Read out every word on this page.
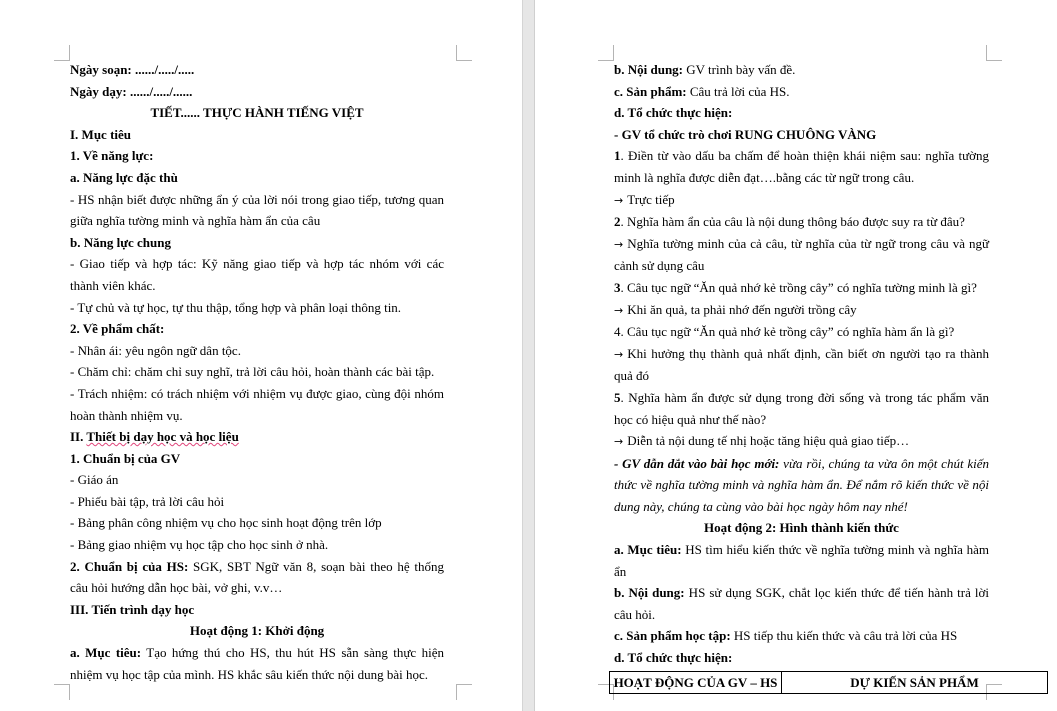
Ngày soạn: ....../...../.....

Ngày dạy: ....../...../......

TIẾT...... THỰC HÀNH TIẾNG VIỆT

I. Mục tiêu

1. Về năng lực:

a. Năng lực đặc thù

- HS nhận biết được những ẩn ý của lời nói trong giao tiếp, tương quan giữa nghĩa tường minh và nghĩa hàm ẩn của câu

b. Năng lực chung

- Giao tiếp và hợp tác: Kỹ năng giao tiếp và hợp tác nhóm với các thành viên khác.

- Tự chủ và tự học, tự thu thập, tổng hợp và phân loại thông tin.

2. Về phẩm chất:

- Nhân ái: yêu ngôn ngữ dân tộc.

- Chăm chỉ: chăm chỉ suy nghĩ, trả lời câu hỏi, hoàn thành các bài tập.

- Trách nhiệm: có trách nhiệm với nhiệm vụ được giao, cùng đội nhóm hoàn thành nhiệm vụ.

II. Thiết bị dạy học và học liệu

1. Chuẩn bị của GV

- Giáo án

- Phiếu bài tập, trả lời câu hỏi

- Bảng phân công nhiệm vụ cho học sinh hoạt động trên lớp

- Bảng giao nhiệm vụ học tập cho học sinh ở nhà.

2. Chuẩn bị của HS: SGK, SBT Ngữ văn 8, soạn bài theo hệ thống câu hỏi hướng dẫn học bài, vở ghi, v.v…

III. Tiến trình dạy học

Hoạt động 1: Khởi động

a. Mục tiêu: Tạo hứng thú cho HS, thu hút HS sẵn sàng thực hiện nhiệm vụ học tập của mình. HS khắc sâu kiến thức nội dung bài học.

b. Nội dung: GV trình bày vấn đề.

c. Sản phẩm: Câu trả lời của HS.

d. Tổ chức thực hiện:

- GV tổ chức trò chơi RUNG CHUÔNG VÀNG

1. Điền từ vào dấu ba chấm để hoàn thiện khái niệm sau: nghĩa tường minh là nghĩa được diễn đạt….bằng các từ ngữ trong câu.

→ Trực tiếp

2. Nghĩa hàm ẩn của câu là nội dung thông báo được suy ra từ đâu?

→ Nghĩa tường minh của cả câu, từ nghĩa của từ ngữ trong câu và ngữ cảnh sử dụng câu

3. Câu tục ngữ “Ăn quả nhớ kẻ trồng cây” có nghĩa tường minh là gì?

→ Khi ăn quả, ta phải nhớ đến người trồng cây

4. Câu tục ngữ “Ăn quả nhớ kẻ trồng cây” có nghĩa hàm ẩn là gì?

→ Khi hưởng thụ thành quả nhất định, cần biết ơn người tạo ra thành quả đó

5. Nghĩa hàm ẩn được sử dụng trong đời sống và trong tác phẩm văn học có hiệu quả như thế nào?

→ Diễn tả nội dung tế nhị hoặc tăng hiệu quả giao tiếp…

- GV dẫn dắt vào bài học mới: vừa rồi, chúng ta vừa ôn một chút kiến thức về nghĩa tường minh và nghĩa hàm ẩn. Để nắm rõ kiến thức về nội dung này, chúng ta cùng vào bài học ngày hôm nay nhé!

Hoạt động 2: Hình thành kiến thức

a. Mục tiêu: HS tìm hiểu kiến thức về nghĩa tường minh và nghĩa hàm ẩn

b. Nội dung: HS sử dụng SGK, chắt lọc kiến thức để tiến hành trả lời câu hỏi.

c. Sản phẩm học tập: HS tiếp thu kiến thức và câu trả lời của HS

d. Tổ chức thực hiện:

HOẠT ĐỘNG CỦA GV – HS	DỰ KIẾN SẢN PHẨM
